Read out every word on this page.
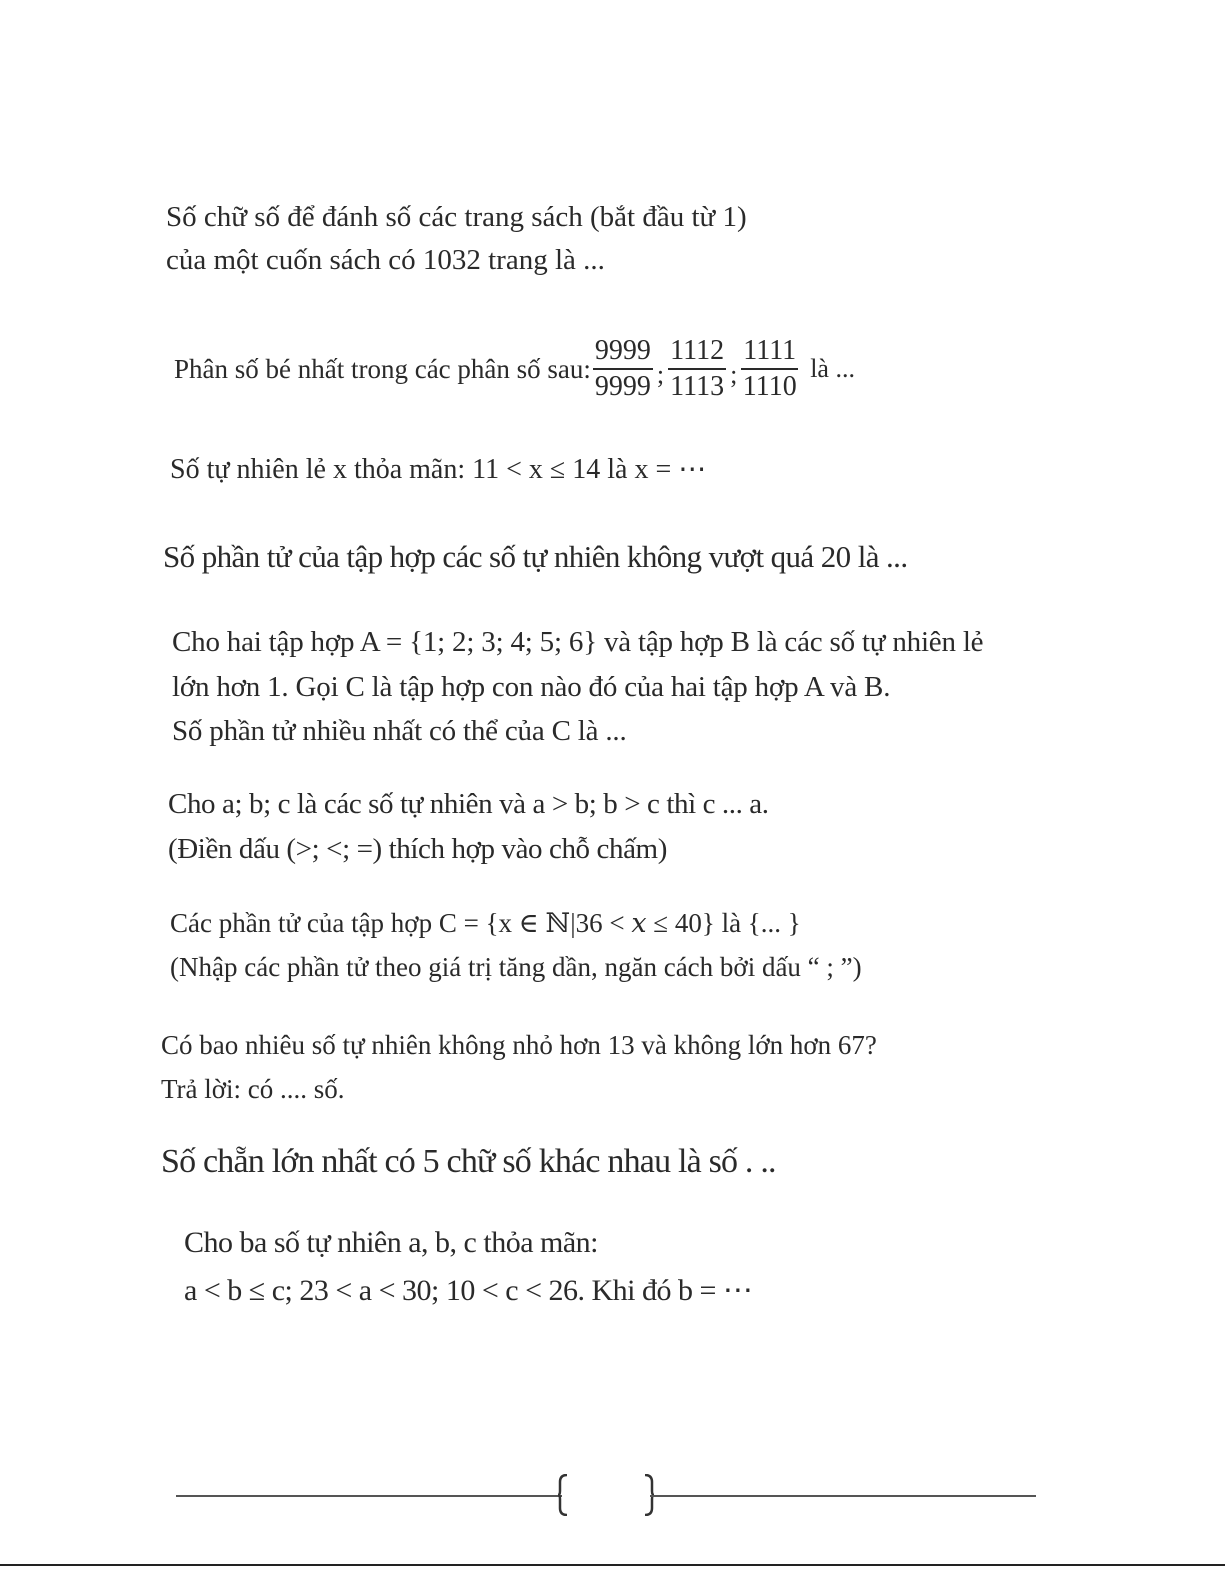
Số chữ số để đánh số các trang sách (bắt đầu từ 1)
của một cuốn sách có 1032 trang là ...
Phân số bé nhất trong các phân số sau: $\frac{9999}{9999}$ ; $\frac{1112}{1113}$ ; $\frac{1111}{1110}$ là ...
Số tự nhiên lẻ x thỏa mãn: 11 < x ≤ 14 là x = ⋯
Số phần tử của tập hợp các số tự nhiên không vượt quá 20 là ...
Cho hai tập hợp A = {1; 2; 3; 4; 5; 6} và tập hợp B là các số tự nhiên lẻ
lớn hơn 1. Gọi C là tập hợp con nào đó của hai tập hợp A và B.
Số phần tử nhiều nhất có thể của C là ...
Cho a; b; c là các số tự nhiên và a > b; b > c thì c ... a.
(Điền dấu (>; <; =) thích hợp vào chỗ chấm)
Các phần tử của tập hợp C = {x ∈ ℕ|36 < 𝑥 ≤ 40} là {... }
(Nhập các phần tử theo giá trị tăng dần, ngăn cách bởi dấu “ ; ”)
Có bao nhiêu số tự nhiên không nhỏ hơn 13 và không lớn hơn 67?
Trả lời: có .... số.
Số chẵn lớn nhất có 5 chữ số khác nhau là số . ..
Cho ba số tự nhiên a, b, c thỏa mãn:
a < b ≤ c; 23 < a < 30; 10 < c < 26. Khi đó b = ⋯
